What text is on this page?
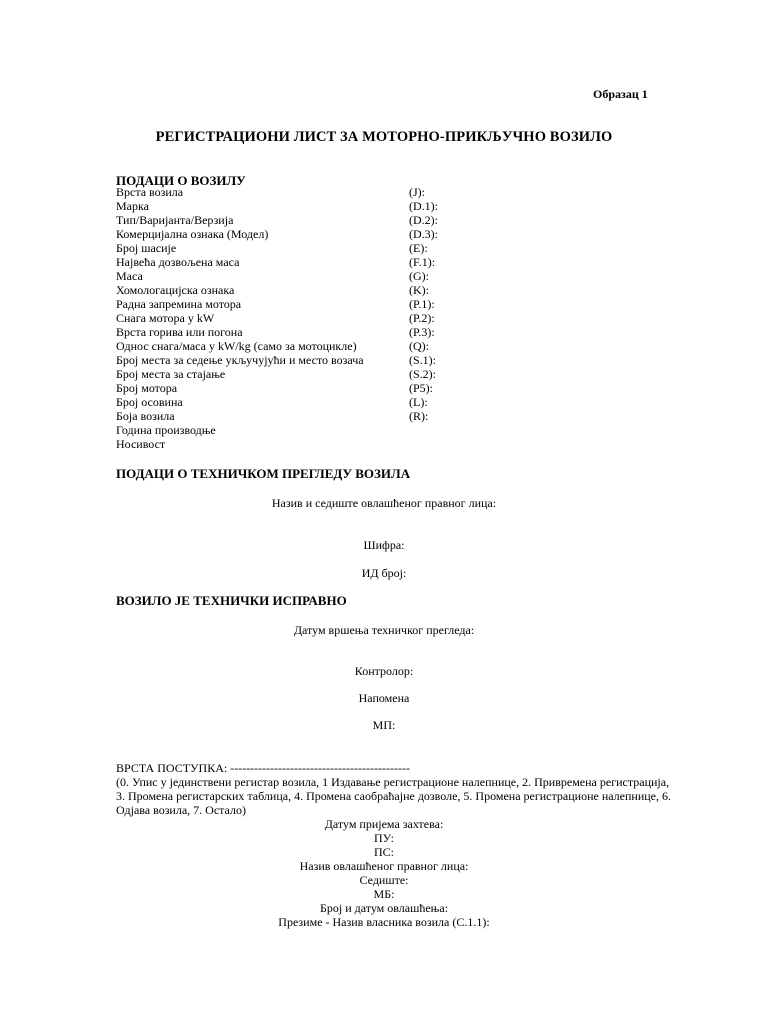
Образац 1
РЕГИСТРАЦИОНИ ЛИСТ ЗА МОТОРНО-ПРИКЉУЧНО ВОЗИЛО
ПОДАЦИ О ВОЗИЛУ
Врста возила	(J):
Марка	(D.1):
Тип/Варијанта/Верзија	(D.2):
Комерцијална ознака (Модел)	(D.3):
Број шасије	(E):
Највећа дозвољена маса	(F.1):
Маса	(G):
Хомологацијска ознака	(K):
Радна запремина мотора	(P.1):
Снага мотора у kW	(P.2):
Врста горива или погона	(P.3):
Однос снага/маса у kW/kg (само за мотоцикле)	(Q):
Број места за седење укључујући и место возача	(S.1):
Број места за стајање	(S.2):
Број мотора	(P5):
Број осовина	(L):
Боја возила	(R):
Година производње
Носивост
ПОДАЦИ О ТЕХНИЧКОМ ПРЕГЛЕДУ ВОЗИЛА
Назив и седиште овлашћеног правног лица:
Шифра:
ИД број:
ВОЗИЛО ЈЕ ТЕХНИЧКИ ИСПРАВНО
Датум вршења техничког прегледа:
Контролор:
Напомена
МП:
ВРСТА ПОСТУПКА: ---------------------------------------------
(0. Упис у јединствени регистар возила, 1 Издавање регистрационе налепнице, 2. Привремена регистрација, 3. Промена регистарских таблица, 4. Промена саобраћајне дозволе, 5. Промена регистрационе налепнице, 6. Одјава возила, 7. Остало)
Датум пријема захтева:
ПУ:
ПС:
Назив овлашћеног правног лица:
Седиште:
МБ:
Број и датум овлашћења:
Презиме - Назив власника возила (C.1.1):
